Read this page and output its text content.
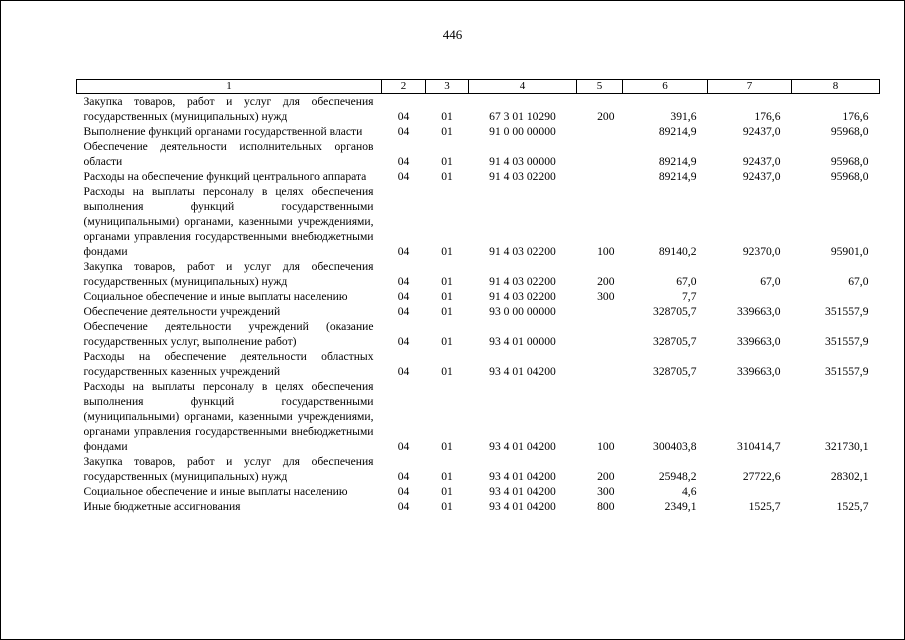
446
1	2	3	4	5	6	7	8
Закупка товаров, работ и услуг для обеспечения государственных (муниципальных) нужд	04	01	67 3 01 10290	200	391,6	176,6	176,6
Выполнение функций органами государственной власти	04	01	91 0 00 00000		89214,9	92437,0	95968,0
Обеспечение деятельности исполнительных органов области	04	01	91 4 03 00000		89214,9	92437,0	95968,0
Расходы на обеспечение функций центрального аппарата	04	01	91 4 03 02200		89214,9	92437,0	95968,0
Расходы на выплаты персоналу в целях обеспечения выполнения функций государственными (муниципальными) органами, казенными учреждениями, органами управления государственными внебюджетными фондами	04	01	91 4 03 02200	100	89140,2	92370,0	95901,0
Закупка товаров, работ и услуг для обеспечения государственных (муниципальных) нужд	04	01	91 4 03 02200	200	67,0	67,0	67,0
Социальное обеспечение и иные выплаты населению	04	01	91 4 03 02200	300	7,7		
Обеспечение деятельности учреждений	04	01	93 0 00 00000		328705,7	339663,0	351557,9
Обеспечение деятельности учреждений (оказание государственных услуг, выполнение работ)	04	01	93 4 01 00000		328705,7	339663,0	351557,9
Расходы на обеспечение деятельности областных государственных казенных учреждений	04	01	93 4 01 04200		328705,7	339663,0	351557,9
Расходы на выплаты персоналу в целях обеспечения выполнения функций государственными (муниципальными) органами, казенными учреждениями, органами управления государственными внебюджетными фондами	04	01	93 4 01 04200	100	300403,8	310414,7	321730,1
Закупка товаров, работ и услуг для обеспечения государственных (муниципальных) нужд	04	01	93 4 01 04200	200	25948,2	27722,6	28302,1
Социальное обеспечение и иные выплаты населению	04	01	93 4 01 04200	300	4,6		
Иные бюджетные ассигнования	04	01	93 4 01 04200	800	2349,1	1525,7	1525,7
